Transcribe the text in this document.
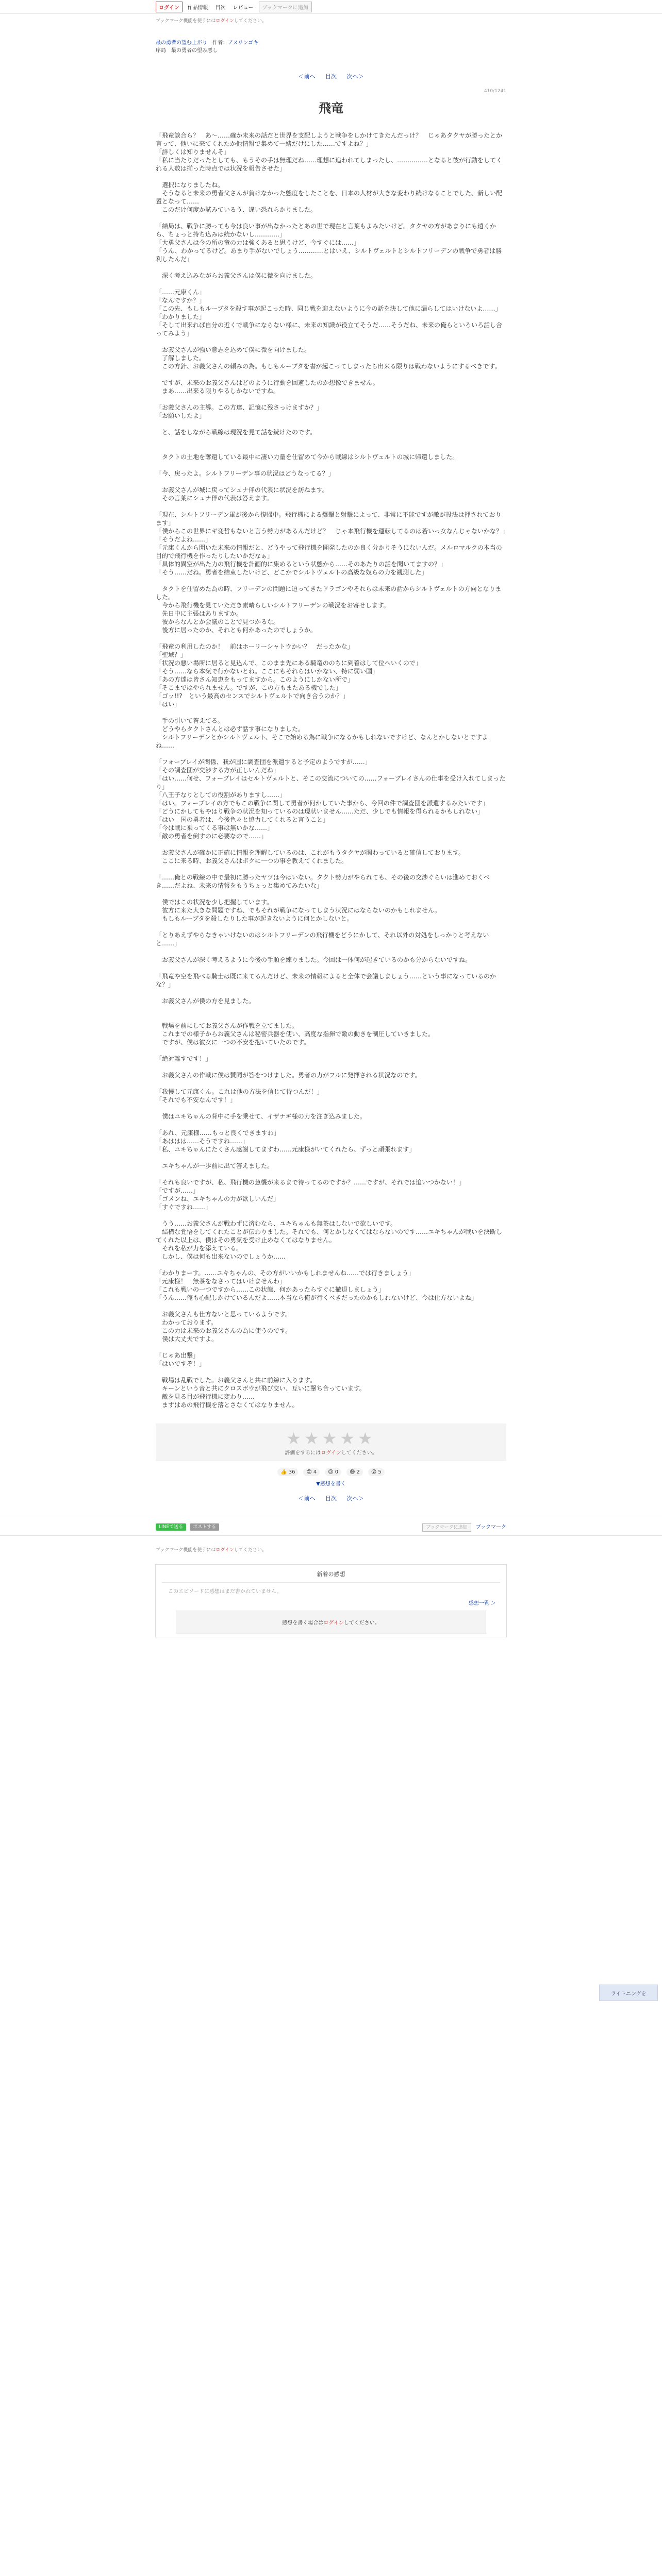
ログイン	作品情報	目次	レビュー	ブックマークに追加
ブックマーク機能を使うにはログインしてください。
最の勇者の望む上がり　 作者：アヌリンゴキ
序局　最の勇者の望み悪し
＜前へ 目次 次へ＞
410/1241
飛竜

「飛竜談合ら？　あ〜……確か未来の話だと世界を支配しようと戦争をしかけてきたんだっけ？　じゃあタクヤが勝ったとか言って、他いに来てくれたか他情報で集めて一緒だけにした……ですよね？」

「詳しくは知りませんそ」

「私に当たりだったとしても、もうその手は無理だね……理想に追われてしまったし、……………となると彼が行動をしてくれる人数は揃った時点では状況を報告させた」

　選択になりましたね。

　そうなると未来の勇者父さんが負けなかった態度をしたことを、日本の人材が大きな変わり続けなることでした、新しい配置となって……

　このだけ何度か試みているう、違い恐れらかりました。

「結局は、戦争に勝っても今は良い事が出なかったとあの世で現在と言葉もよみたいけど。タクヤの方があまりにも遠くから、ちょっと持ち込みは続かないし…………」

「大勇父さんは今の所の竜の力は強くあると思うけど、今すぐには……」

「うん、わかってるけど。あまり手がないでしょう…………とはいえ、シルトヴェルトとシルトフリーデンの戦争で勇者は勝利したんだ」

　深く考え込みながらお義父さんは僕に微を向けました。

「……元康くん」

「なんですか？」

「この先、もしもルーブタを殺す事が起こった時、同じ戦を迎えないように今の話を決して他に漏らしてはいけないよ……」

「わかりました」

「そして出来れば自分の近くで戦争にならない様に、未来の知識が役立てそうだ……そうだね、未来の俺らといろいろ話し合ってみよう」

　お義父さんが強い意志を込めて僕に微を向けました。

　了解しました。

　この方針、お義父さんの頼みの為。もしもルーブタを書が起こってしまったら出来る限りは戦わないようにするべきです。

　ですが、未来のお義父さんはどのように行動を回避したのか想像できません。

　まあ……出来る限りやるしかないですね。

「お義父さんの主導。この方達、記憶に残さっけますか？」

「お願いしたよ」

　と、話をしながら戦線は現況を見て話を続けたのです。

　タクトの土地を奪還している最中に凄い力量を仕留めて今から戦線はシルトヴェルトの城に帰還しました。

「今、戻ったよ。シルトフリーデン事の状況はどうなってる？」

　お義父さんが城に戻ってシュナ伴の代表に状況を訪ねます。

　その言葉にシュナ伴の代表は答えます。

「現在、シルトフリーデン軍が後から復帰中。飛行機による爆撃と射撃によって、非常に不能ですが敵が投法は押されております」

「僕からこの世界にギ変哲もないと言う勢力があるんだけど？　じゃ本飛行機を運転してるのは若いっ女なんじゃないかな？」

「そうだよね……」

「元康くんから聞いた未来の情報だと、どうやって飛行機を開発したのか良く分かりそうにないんだ。メルロマルクの本当の目的で飛行機を作ったりしたいかだなぁ」

「具体的異空が出た力の飛行機を計画的に集めるという状態から……そのあたりの話を聞いてますの？」

「そう……だね。勇者を結束したいけど、どこかでシルトヴェルトの高級な奴らの力を観測した」

　タクトを仕留めた為の時、フリーデンの問題に迫ってきたドラゴンやそれらは未来の話からシルトヴェルトの方向となりました。

　今から飛行機を見ていただき素晴らしいシルトフリーデンの戦況をお寄せします。

　先日中に主張はありますか。

　彼からなんとか会議のことで見つかるな。

　後方に居ったのか、それとも何かあったのでしょうか。

「飛竜の利用したのか！　前はホーリーシャトウかい？　だったかな」

「聖域？」

「状況の悪い場所に居ると見込んで、このまま先にある騎竜ののちに到着はして位へいくので」

「そう……なら本気で行かないとね。ここにもそれらはいかない、特に弱い国」

「あの方達は皆さん知恵をもってますから。このようにしかない所で」

「そこまではやられません。ですが、この方もまたある機でした」

「ゴッ!!?　という最高のセンスでシルトヴェルトで向き合うのか？」

「はい」

　手の引いて答えてる。

　どうやらタクトさんとは必ず話す事になりました。

　シルトフリーデンとかシルトヴェルト、そこで始める為に戦争になるかもしれないですけど、なんとかしないとですよね……

「フォーブレイが関係、我が国に調査団を派遣すると予定のようですが……」

「その調査団が交渉する方が正しいんだね」

「はい……何せ、フォーブレイはセルトヴェルトと、そこの交流についての……フォーブレイさんの仕事を受け入れてしまったり」

「八王子なりとしての役割がありますし……」

「はい。フォーブレイの方でもこの戦争に関して勇者が何かしていた事から、今回の件で調査団を派遣するみたいです」

「どうにかしてもやはり戦争の状況を知っているのは現状いません……ただ、少しでも情報を得られるかもしれない」

「はい　国の勇者は、今後色々と協力してくれると言うこと」

「今は戦に乗ってくる事は無いかな……」

「敵の勇者を倒すのに必要なので……」

　お義父さんが確かに正確に情報を理解しているのは、これがもうタクヤが関わっていると確信しております。

　ここに来る時、お義父さんはボクに一つの事を教えてくれました。

「……俺との戦線の中で最初に勝ったヤツは今はいない。タクト勢力がやられても、その後の交渉ぐらいは進めておくべき……だよね、未来の情報をもうちょっと集めてみたいな」

　僕ではこの状況を少し把握しています。

　彼方に来た大きな問題ですね、でもそれが戦争になってしまう状況にはならないのかもしれません。

　もしもルーブタを殺したりした事が起きないように何とかしないと。

「とりあえずやらなきゃいけないのはシルトフリーデンの飛行機をどうにかして、それ以外の対処をしっかりと考えないと……」

　お義父さんが深く考えるように今後の手順を練りました。今回は一体何が起きているのかも分からないですね。

「飛竜や空を飛べる騎士は既に来てるんだけど、未来の情報によると全体で会議しましょう……という事になっているのかな？」

　お義父さんが僕の方を見ました。

　戦場を前にしてお義父さんが作戦を立てました。

　これまでの様子からお義父さんは秘密兵器を使い、高度な指揮で敵の動きを制圧していきました。

　ですが、僕は彼女に一つの不安を抱いていたのです。

「絶対離すです！」

　お義父さんの作戦に僕は賛同が答をつけました。勇者の力がフルに発揮される状況なのです。

「我慢して元康くん。これは他の方法を信じて待つんだ！」

「それでも不安なんです！」

　僕はユキちゃんの背中に手を乗せて、イザナギ様の力を注ぎ込みました。

「あれ、元康様……もっと良くできますわ」

「あははは……そうですね……」

「私、ユキちゃんにたくさん感謝してますわ……元康様がいてくれたら、ずっと頑張れます」

　ユキちゃんが一歩前に出て答えました。

「それも良いですが、私、飛行機の急襲が来るまで待ってるのですか？……ですが、それでは追いつかない！」

「ですが……」

「ゴメンね、ユキちゃんの力が欲しいんだ」

「すぐですね……」

　うう……お義父さんが戦わずに済むなら、ユキちゃんも無茶はしないで欲しいです。

　結構な覚悟をしてくれたことが伝わりました。それでも、何とかしなくてはならないのです……ユキちゃんが戦いを決断してくれた以上は、僕はその勇気を受け止めなくてはなりません。

　それを私が力を添えている。

　しかし、僕は何も出来ないのでしょうか……

「わかりまーす。……ユキちゃんの、その方がいいかもしれませんね……では行きましょう」

「元康様！　無茶をなさってはいけませんわ」

「これも戦いの一つですから……この状態、何かあったらすぐに撤退しましょう」

「うん……俺も心配しかけているんだよ……本当なら俺が行くべきだったのかもしれないけど、今は仕方ないよね」

　お義父さんも仕方ないと思っているようです。

　わかっております。

　この力は未来のお義父さんの為に使うのです。

　僕は大丈夫ですよ。

「じゃあ出撃」

「はいですぞ！」

　戦場は乱戦でした。お義父さんと共に前線に入ります。

　キーンという音と共にクロスボウが飛び交い、互いに撃ち合っています。

　敵を見る目が飛行機に変わり……

　まずはあの飛行機を落とさなくてはなりません。

ライトニングを
★★★★★
評価をするにはログインしてください。
👍 36 😊 4 😢 0 😄 2 😮 5
▼感想を書く
＜前へ 目次 次へ＞
LINEで送る ポストする	ブックマークに追加 ブックマーク
ブックマーク機能を使うにはログインしてください。
新着の感想
このエピソードに感想はまだ書かれていません。
感想一覧 ＞
感想を書く場合はログインしてください。
